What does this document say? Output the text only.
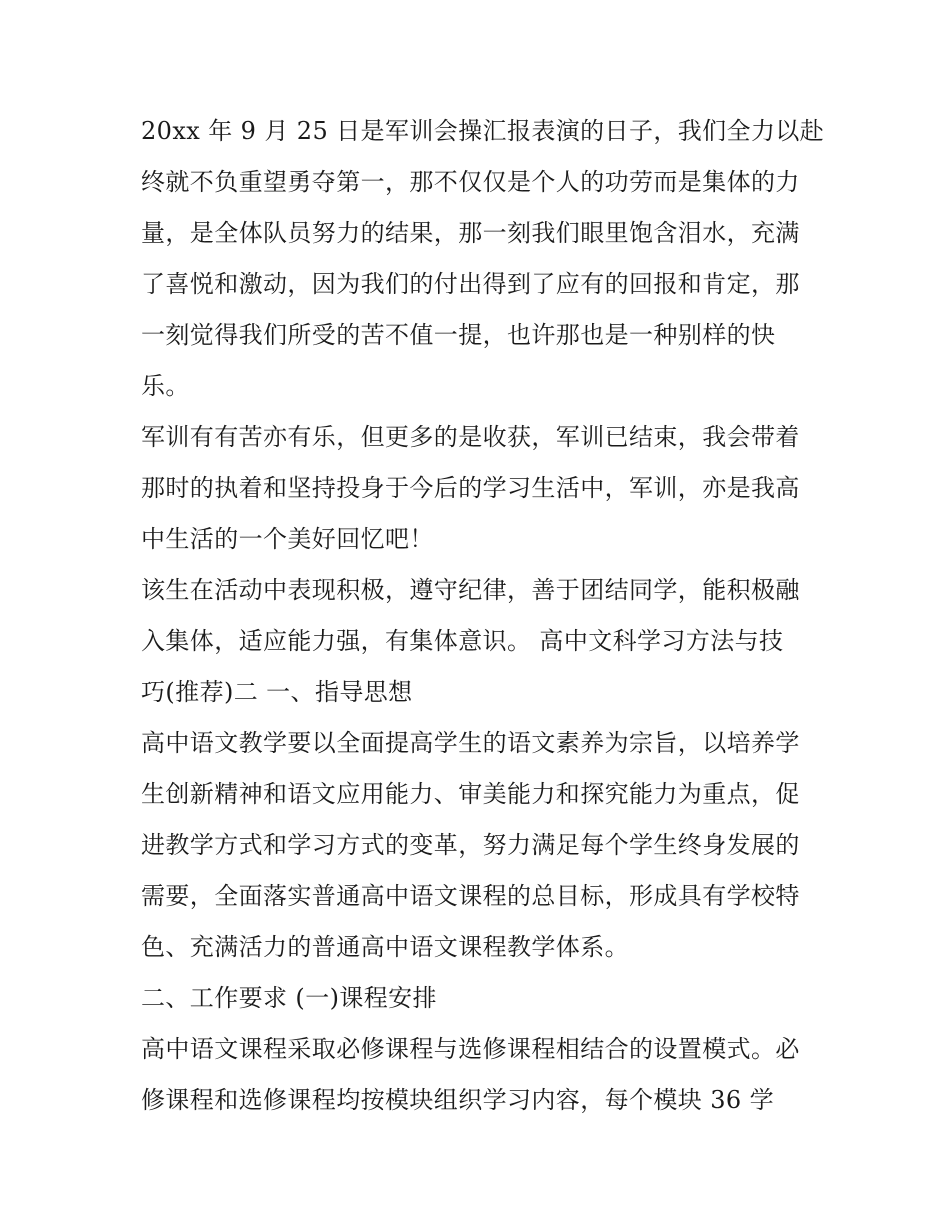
20xx 年 9 月 25 日是军训会操汇报表演的日子，我们全力以赴
终就不负重望勇夺第一，那不仅仅是个人的功劳而是集体的力
量，是全体队员努力的结果，那一刻我们眼里饱含泪水，充满
了喜悦和激动，因为我们的付出得到了应有的回报和肯定，那
一刻觉得我们所受的苦不值一提，也许那也是一种别样的快
乐。
军训有有苦亦有乐，但更多的是收获，军训已结束，我会带着
那时的执着和坚持投身于今后的学习生活中，军训，亦是我高
中生活的一个美好回忆吧！
该生在活动中表现积极，遵守纪律，善于团结同学，能积极融
入集体，适应能力强，有集体意识。 高中文科学习方法与技
巧(推荐)二 一、指导思想
高中语文教学要以全面提高学生的语文素养为宗旨，以培养学
生创新精神和语文应用能力、审美能力和探究能力为重点，促
进教学方式和学习方式的变革，努力满足每个学生终身发展的
需要，全面落实普通高中语文课程的总目标，形成具有学校特
色、充满活力的普通高中语文课程教学体系。
二、工作要求 (一)课程安排
高中语文课程采取必修课程与选修课程相结合的设置模式。必
修课程和选修课程均按模块组织学习内容，每个模块 36 学
